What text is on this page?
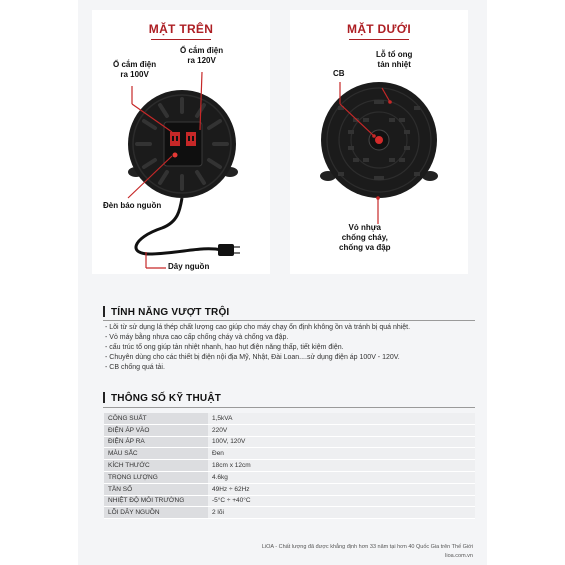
MẶT TRÊN
Ổ cắm điện
ra 120V
Ổ cắm điện
ra 100V
Đèn báo nguồn
Dây nguồn
MẶT DƯỚI
Lỗ tổ ong
tản nhiệt
CB
Vỏ nhựa
chống cháy,
chống va đập
TÍNH NĂNG VƯỢT TRỘI
- Lõi từ sử dụng lá thép chất lượng cao giúp cho máy chạy ổn định không ồn và tránh bị quá nhiệt.
- Vỏ máy bằng nhựa cao cấp chống cháy và chống va đập.
- cấu trúc tổ ong giúp tản nhiệt nhanh, hao hụt điện năng thấp, tiết kiệm điện.
- Chuyên dùng cho các thiết bị điện nội địa Mỹ, Nhật, Đài Loan....sử dụng điện áp 100V - 120V.
- CB chống quá tải.
THÔNG SỐ KỸ THUẬT
CÔNG SUẤT	1,5kVA
ĐIỆN ÁP VÀO	220V
ĐIỆN ÁP RA	100V, 120V
MÀU SẮC	Đen
KÍCH THƯỚC	18cm x 12cm
TRỌNG LƯỢNG	4.6kg
TẦN SỐ	49Hz ÷ 62Hz
NHIỆT ĐỘ MÔI TRƯỜNG	-5°C ÷ +40°C
LÕI DÂY NGUỒN	2 lõi
LiOA - Chất lượng đã được khẳng định hơn 33 năm tại hơn 40 Quốc Gia trên Thế Giới
lioa.com.vn
